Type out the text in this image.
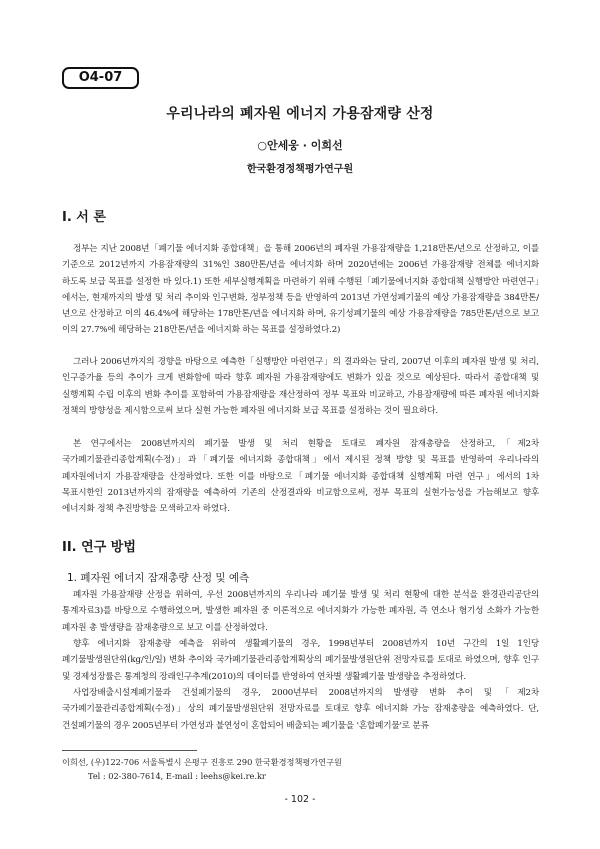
O4-07
우리나라의 폐자원 에너지 가용잠재량 산정
○안세웅 · 이희선
한국환경정책평가연구원
I. 서 론

정부는 지난 2008년「폐기물 에너지화 종합대책」을 통해 2006년의 폐자원 가용잠재량을 1,218만톤/년으로 산정하고, 이를 기준으로 2012년까지 가용잠재량의 31%인 380만톤/년을 에너지화 하며 2020년에는 2006년 가용잠재량 전체를 에너지화 하도록 보급 목표를 설정한 바 있다.1) 또한 세부실행계획을 마련하기 위해 수행된「폐기물에너지화 종합대책 실행방안 마련연구」에서는, 현재까지의 발생 및 처리 추이와 인구변화, 정부정책 등을 반영하여 2013년 가연성폐기물의 예상 가용잠재량을 384만톤/년으로 산정하고 이의 46.4%에 해당하는 178만톤/년을 에너지화 하며, 유기성폐기물의 예상 가용잠재량을 785만톤/년으로 보고 이의 27.7%에 해당하는 218만톤/년을 에너지화 하는 목표를 설정하였다.2)

그러나 2006년까지의 경향을 바탕으로 예측한「실행방안 마련연구」의 결과와는 달리, 2007년 이후의 폐자원 발생 및 처리, 인구증가율 등의 추이가 크게 변화함에 따라 향후 폐자원 가용잠재량에도 변화가 있을 것으로 예상된다. 따라서 종합대책 및 실행계획 수립 이후의 변화 추이를 포함하여 가용잠재량을 재산정하여 정부 목표와 비교하고, 가용잠재량에 따른 폐자원 에너지화 정책의 방향성을 제시함으로써 보다 실현 가능한 폐자원 에너지화 보급 목표를 설정하는 것이 필요하다.

본 연구에서는 2008년까지의 폐기물 발생 및 처리 현황을 토대로 폐자원 잠재총량을 산정하고,「제2차 국가폐기물관리종합계획(수정)」과「폐기물 에너지화 종합대책」에서 제시된 정책 방향 및 목표를 반영하여 우리나라의 폐자원에너지 가용잠재량을 산정하였다. 또한 이를 바탕으로「폐기물 에너지화 종합대책 실행계획 마련 연구」에서의 1차 목표시한인 2013년까지의 잠재량을 예측하여 기존의 산정결과와 비교함으로써, 정부 목표의 실현가능성을 가늠해보고 향후 에너지화 정책 추진방향을 모색하고자 하였다.

II. 연구 방법
1. 폐자원 에너지 잠재총량 산정 및 예측

폐자원 가용잠재량 산정을 위하여, 우선 2008년까지의 우리나라 폐기물 발생 및 처리 현황에 대한 분석을 환경관리공단의 통계자료3)를 바탕으로 수행하였으며, 발생한 폐자원 중 이론적으로 에너지화가 가능한 폐자원, 즉 연소나 혐기성 소화가 가능한 폐자원 총 발생량을 잠재총량으로 보고 이를 산정하였다.

향후 에너지화 잠재총량 예측을 위하여 생활폐기물의 경우, 1998년부터 2008년까지 10년 구간의 1일 1인당 폐기물발생원단위(kg/인/일) 변화 추이와 국가폐기물관리종합계획상의 폐기물발생원단위 전망자료를 토대로 하였으며, 향후 인구 및 경제성장률은 통계청의 장래인구추계(2010)의 데이터를 반영하여 연차별 생활폐기물 발생량을 추정하였다.

사업장배출시설계폐기물과 건설폐기물의 경우, 2000년부터 2008년까지의 발생량 변화 추이 및「제2차 국가폐기물관리종합계획(수정)」상의 폐기물발생원단위 전망자료를 토대로 향후 에너지화 가능 잠재총량을 예측하였다. 단, 건설폐기물의 경우 2005년부터 가연성과 불연성이 혼합되어 배출되는 폐기물을 '혼합폐기물'로 분류

이희선, (우)122-706 서울특별시 은평구 진흥로 290 한국환경정책평가연구원
Tel : 02-380-7614, E-mail : leehs@kei.re.kr
- 102 -
